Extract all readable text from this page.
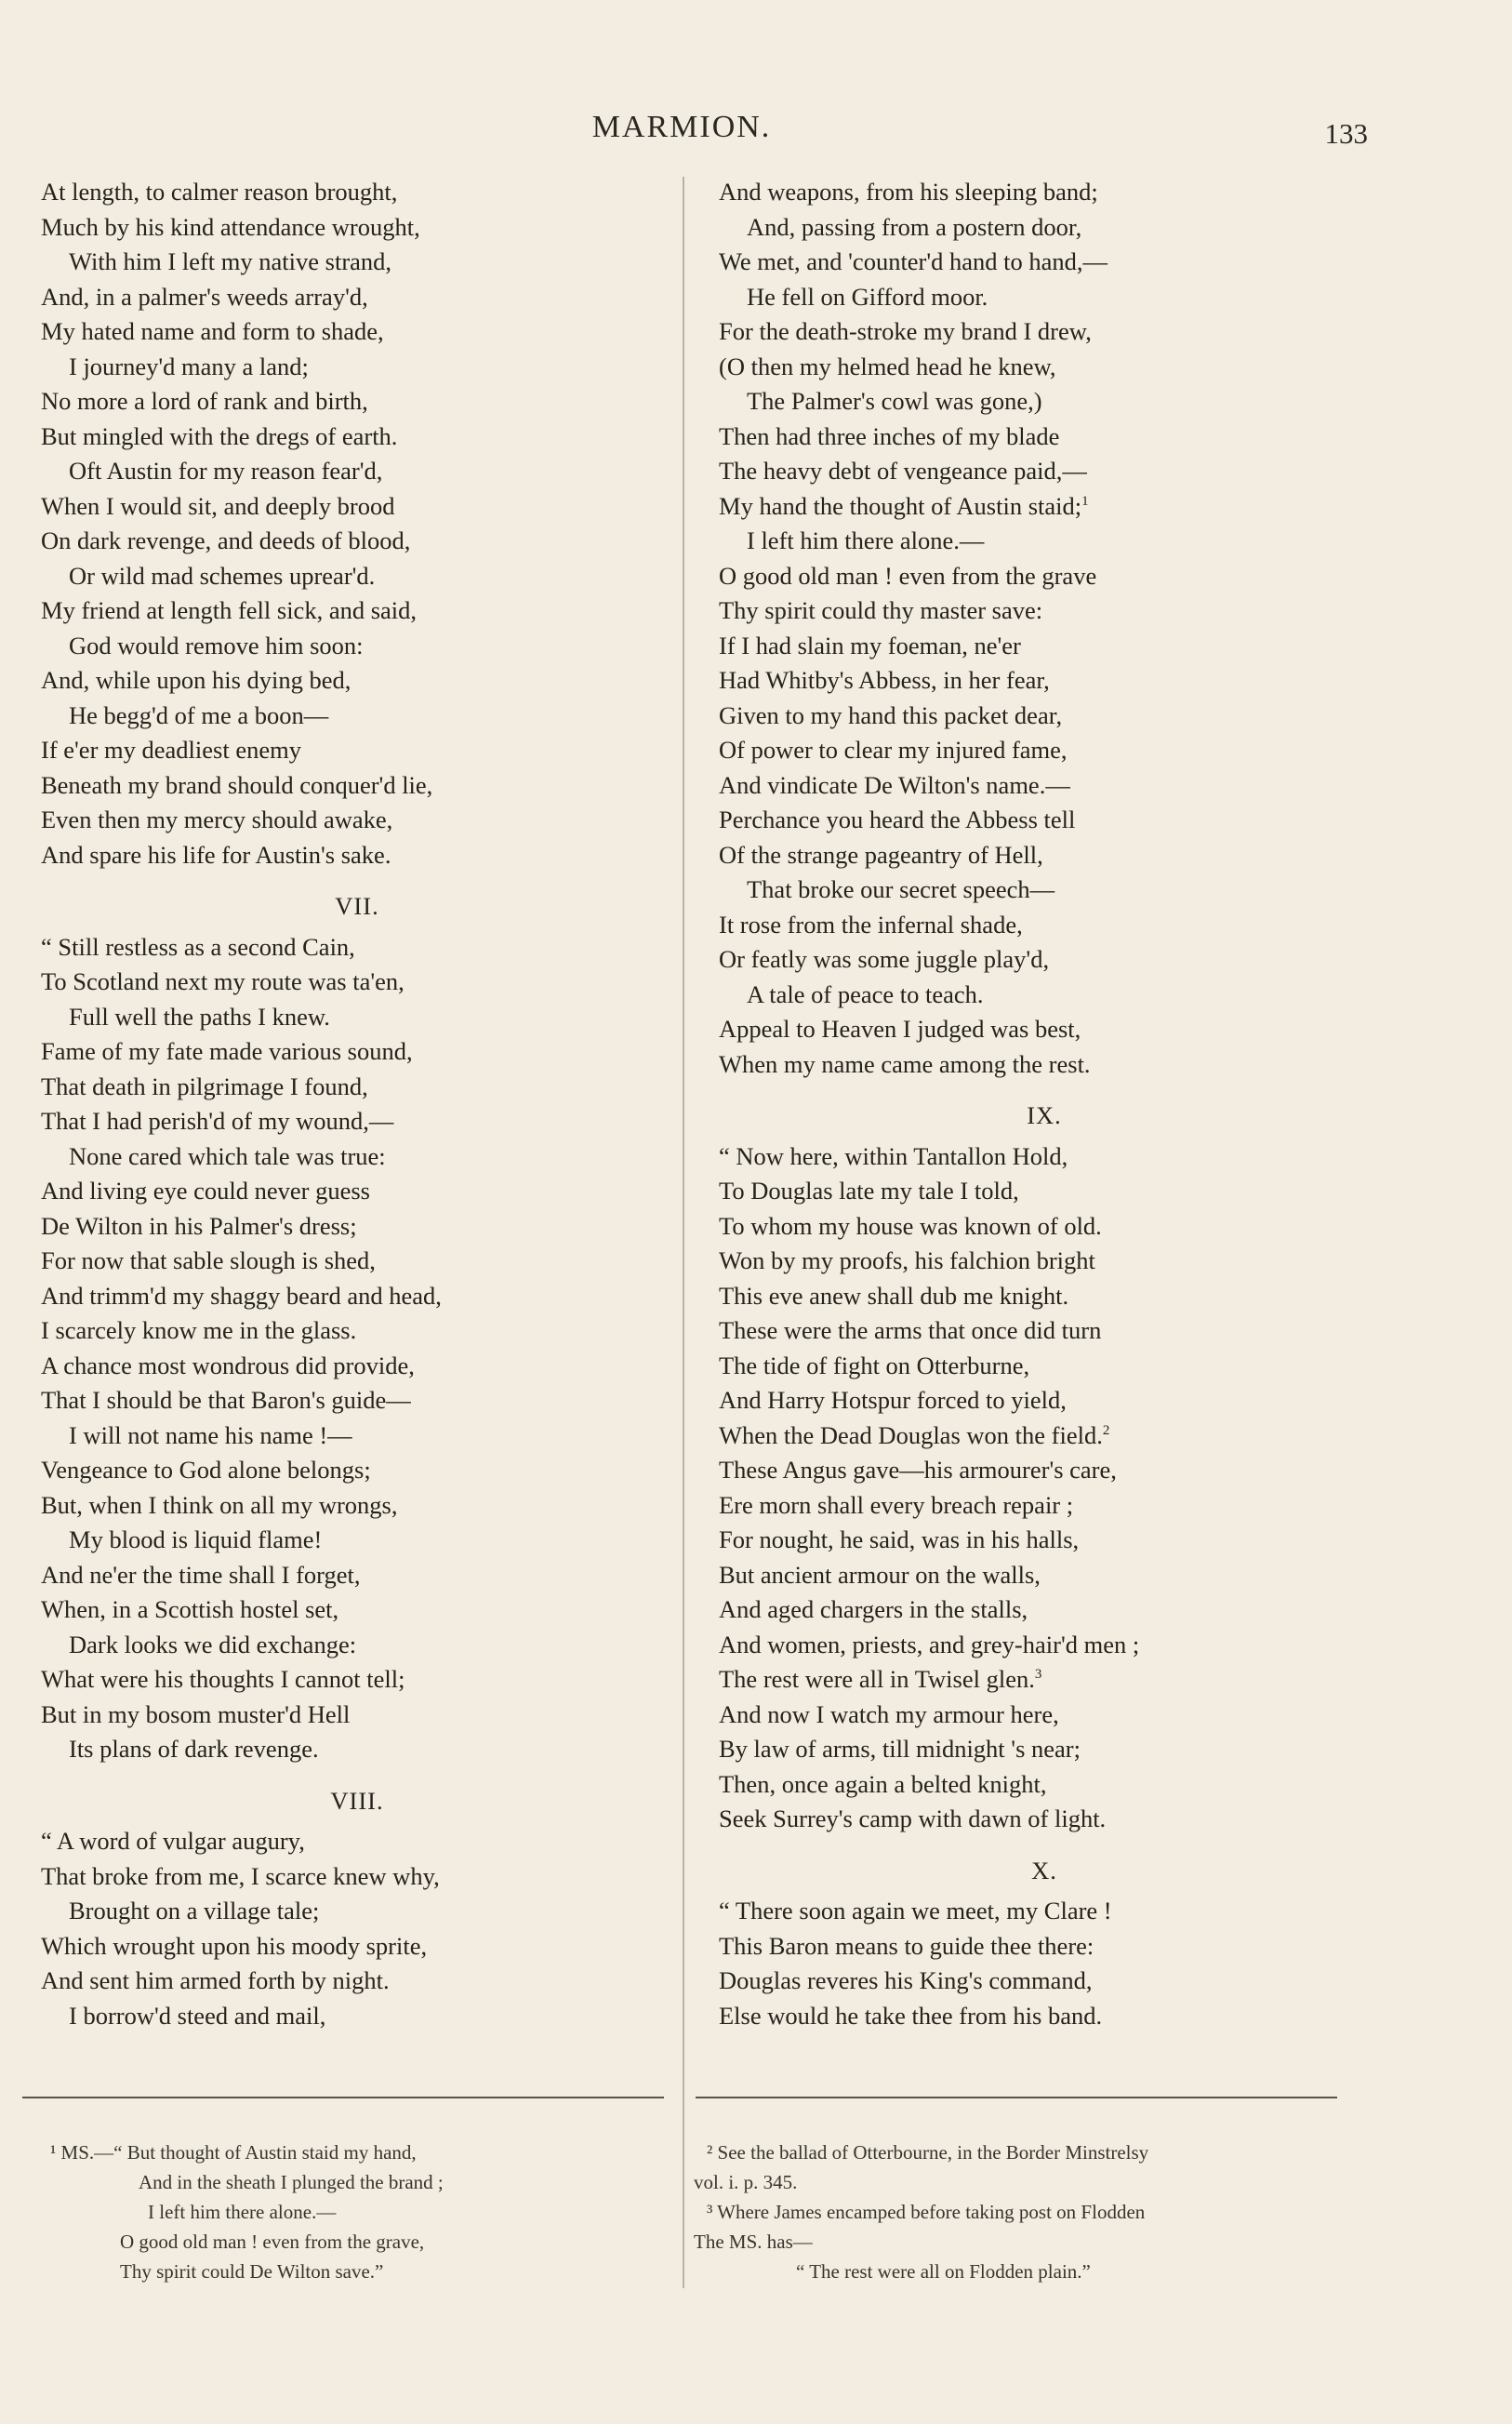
MARMION.	133
At length, to calmer reason brought,
Much by his kind attendance wrought,
With him I left my native strand,
And, in a palmer's weeds array'd,
My hated name and form to shade,
I journey'd many a land;
No more a lord of rank and birth,
But mingled with the dregs of earth.
Oft Austin for my reason fear'd,
When I would sit, and deeply brood
On dark revenge, and deeds of blood,
Or wild mad schemes uprear'd.
My friend at length fell sick, and said,
God would remove him soon:
And, while upon his dying bed,
He begg'd of me a boon—
If e'er my deadliest enemy
Beneath my brand should conquer'd lie,
Even then my mercy should awake,
And spare his life for Austin's sake.
VII.
“ Still restless as a second Cain,
To Scotland next my route was ta'en,
Full well the paths I knew.
Fame of my fate made various sound,
That death in pilgrimage I found,
That I had perish'd of my wound,—
None cared which tale was true:
And living eye could never guess
De Wilton in his Palmer's dress;
For now that sable slough is shed,
And trimm'd my shaggy beard and head,
I scarcely know me in the glass.
A chance most wondrous did provide,
That I should be that Baron's guide—
I will not name his name !—
Vengeance to God alone belongs;
But, when I think on all my wrongs,
My blood is liquid flame!
And ne'er the time shall I forget,
When, in a Scottish hostel set,
Dark looks we did exchange:
What were his thoughts I cannot tell;
But in my bosom muster'd Hell
Its plans of dark revenge.
VIII.
“ A word of vulgar augury,
That broke from me, I scarce knew why,
Brought on a village tale;
Which wrought upon his moody sprite,
And sent him armed forth by night.
I borrow'd steed and mail,
And weapons, from his sleeping band;
And, passing from a postern door,
We met, and 'counter'd hand to hand,—
He fell on Gifford moor.
For the death-stroke my brand I drew,
(O then my helmed head he knew,
The Palmer's cowl was gone,)
Then had three inches of my blade
The heavy debt of vengeance paid,—
My hand the thought of Austin staid;$^1$
I left him there alone.—
O good old man ! even from the grave
Thy spirit could thy master save:
If I had slain my foeman, ne'er
Had Whitby's Abbess, in her fear,
Given to my hand this packet dear,
Of power to clear my injured fame,
And vindicate De Wilton's name.—
Perchance you heard the Abbess tell
Of the strange pageantry of Hell,
That broke our secret speech—
It rose from the infernal shade,
Or featly was some juggle play'd,
A tale of peace to teach.
Appeal to Heaven I judged was best,
When my name came among the rest.
IX.
“ Now here, within Tantallon Hold,
To Douglas late my tale I told,
To whom my house was known of old.
Won by my proofs, his falchion bright
This eve anew shall dub me knight.
These were the arms that once did turn
The tide of fight on Otterburne,
And Harry Hotspur forced to yield,
When the Dead Douglas won the field.$^2$
These Angus gave—his armourer's care,
Ere morn shall every breach repair ;
For nought, he said, was in his halls,
But ancient armour on the walls,
And aged chargers in the stalls,
And women, priests, and grey-hair'd men ;
The rest were all in Twisel glen.$^3$
And now I watch my armour here,
By law of arms, till midnight 's near;
Then, once again a belted knight,
Seek Surrey's camp with dawn of light.
X.
“ There soon again we meet, my Clare !
This Baron means to guide thee there:
Douglas reveres his King's command,
Else would he take thee from his band.
¹ MS.—“ But thought of Austin staid my hand,
And in the sheath I plunged the brand ;
I left him there alone.—
O good old man ! even from the grave,
Thy spirit could De Wilton save.”
² See the ballad of Otterbourne, in the Border Minstrelsy
vol. i. p. 345.
³ Where James encamped before taking post on Flodden
The MS. has—
“ The rest were all on Flodden plain.”
